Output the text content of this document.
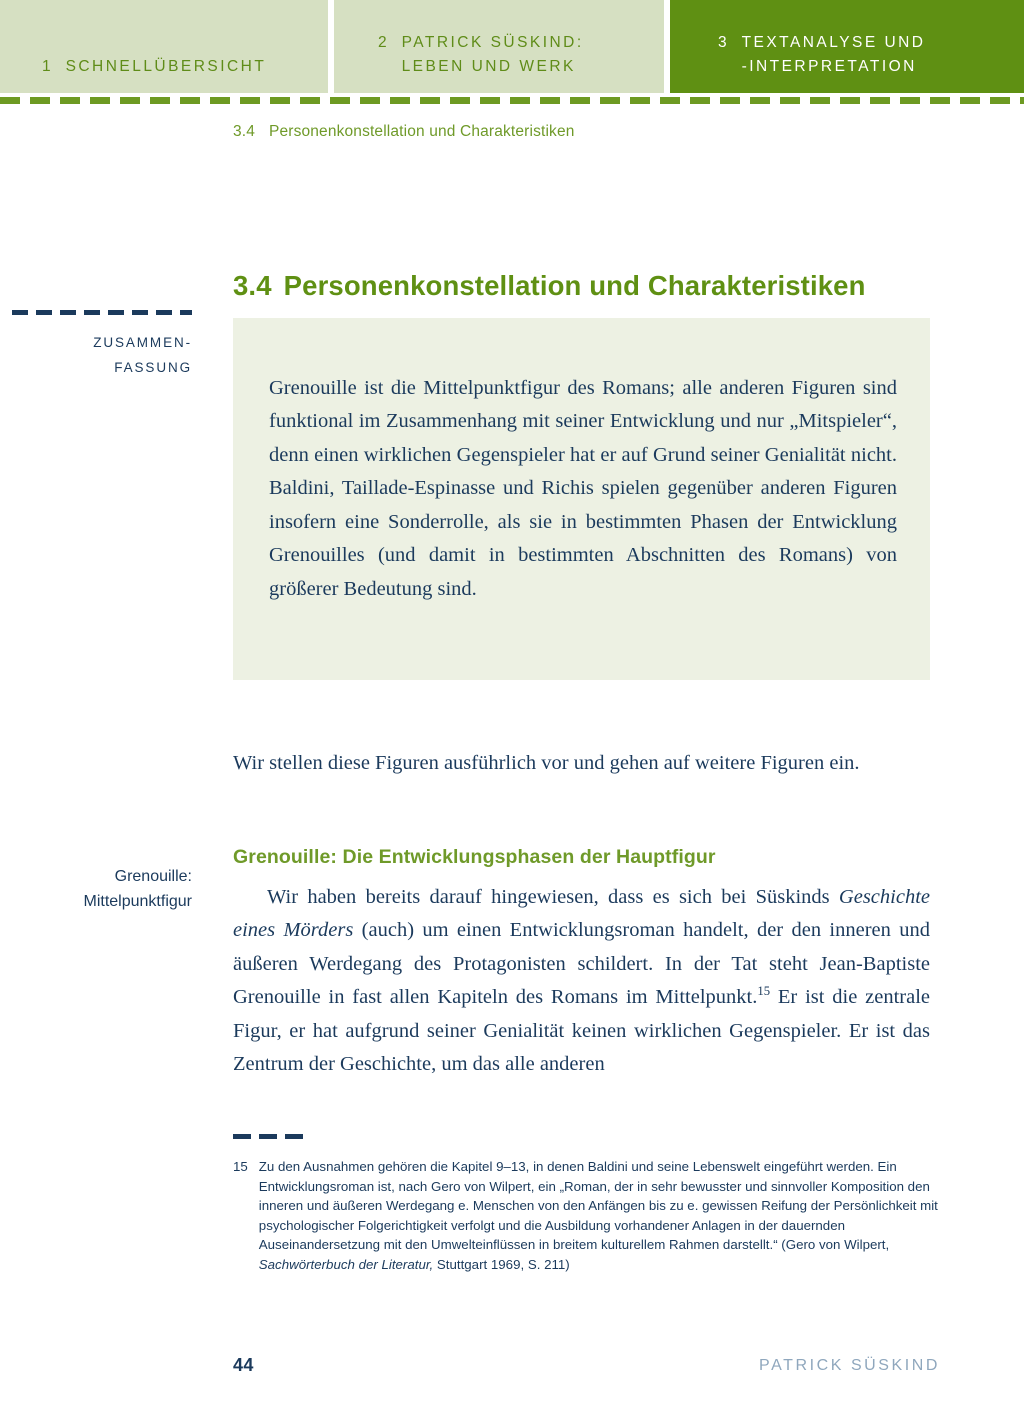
1 SCHNELLÜBERSICHT
2 PATRICK SÜSKIND:
LEBEN UND WERK
3 TEXTANALYSE UND
-INTERPRETATION
3.4 Personenkonstellation und Charakteristiken
3.4 Personenkonstellation und Charakteristiken
ZUSAMMEN-
FASSUNG

Grenouille ist die Mittelpunktfigur des Romans; alle anderen Figuren sind funktional im Zusammenhang mit seiner Entwicklung und nur „Mitspieler“, denn einen wirklichen Gegenspieler hat er auf Grund seiner Genialität nicht. Baldini, Taillade-Espinasse und Richis spielen gegenüber anderen Figuren insofern eine Sonderrolle, als sie in bestimmten Phasen der Entwicklung Grenouilles (und damit in bestimmten Abschnitten des Romans) von größerer Bedeutung sind.

Wir stellen diese Figuren ausführlich vor und gehen auf weitere Figuren ein.

Grenouille: Die Entwicklungsphasen der Hauptfigur
Grenouille:
Mittelpunktfigur	Wir haben bereits darauf hingewiesen, dass es sich bei Süskinds Geschichte eines Mörders (auch) um einen Entwicklungsroman handelt, der den inneren und äußeren Werdegang des Protagonisten schildert. In der Tat steht Jean-Baptiste Grenouille in fast allen Kapiteln des Romans im Mittelpunkt.$^{15}$ Er ist die zentrale Figur, er hat aufgrund seiner Genialität keinen wirklichen Gegenspieler. Er ist das Zentrum der Geschichte, um das alle anderen

15 Zu den Ausnahmen gehören die Kapitel 9–13, in denen Baldini und seine Lebenswelt eingeführt werden. Ein Entwicklungsroman ist, nach Gero von Wilpert, ein „Roman, der in sehr bewusster und sinnvoller Komposition den inneren und äußeren Werdegang e. Menschen von den Anfängen bis zu e. gewissen Reifung der Persönlichkeit mit psychologischer Folgerichtigkeit verfolgt und die Ausbildung vorhandener Anlagen in der dauernden Auseinandersetzung mit den Umwelteinflüssen in breitem kulturellem Rahmen darstellt.“ (Gero von Wilpert, Sachwörterbuch der Literatur, Stuttgart 1969, S. 211)
44	PATRICK SÜSKIND
